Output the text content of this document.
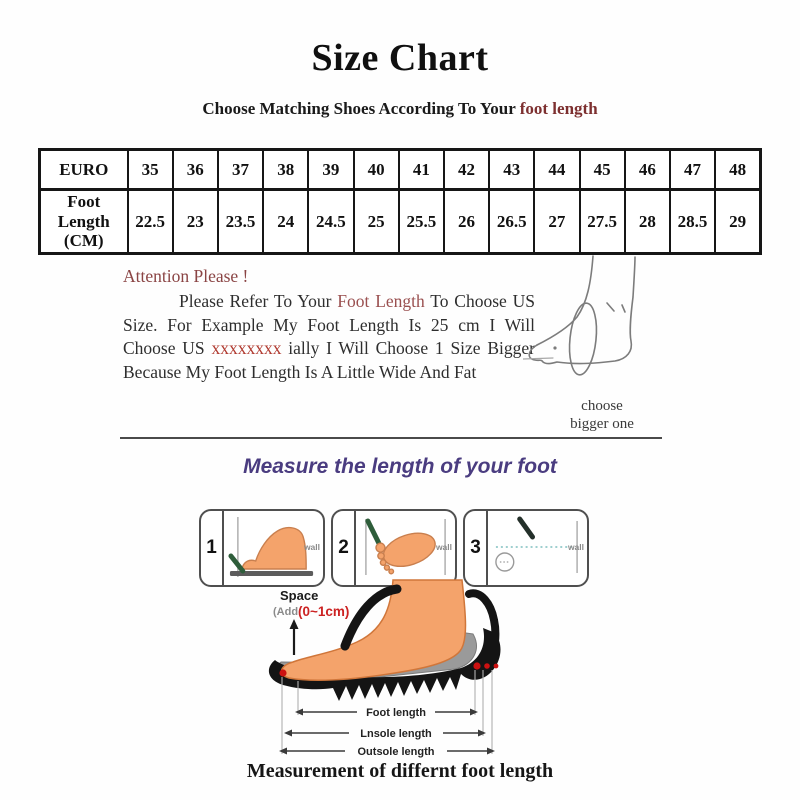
Size Chart
Choose Matching Shoes According To Your foot length
EURO	35	36	37	38	39	40	41	42	43	44	45	46	47	48
Foot Length (CM)	22.5	23	23.5	24	24.5	25	25.5	26	26.5	27	27.5	28	28.5	29

Attention Please !

Please Refer To Your Foot Length To Choose US Size. For Example My Foot Length Is 25 cm I Will Choose US xxxxxxxx ially I Will Choose 1 Size Bigger Because My Foot Length Is A Little Wide And Fat

choose
bigger one
Measure the length of your foot
1	wall 2	wall 3	wall
Space
(Add (0~1cm)
Foot length
Lnsole length
Outsole length
Measurement of differnt foot length
